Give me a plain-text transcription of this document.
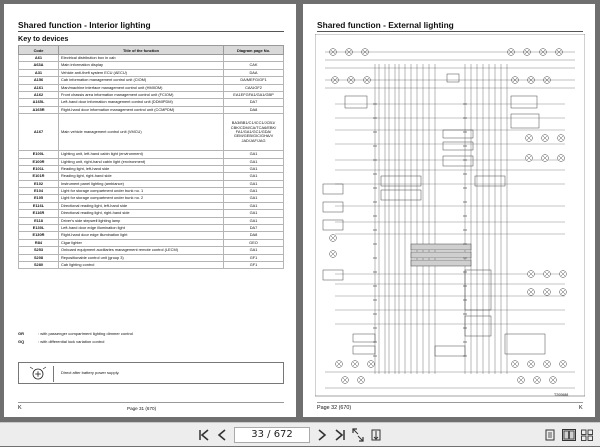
Shared function - Interior lighting
Key to devices
Code	Title of the function	Diagram page No.
A61	Electrical distribution box in cab	
A63A	Main information display	CAK
A31	Vehicle anti-theft system ECU (AECU)	DAA
A156	Cab information management control unit (CIOM)	DA/MEFG/GF1
A161	Man/machine interface management control unit (HMIIOM)	CA/UGF2
A162	Front chassis area information management control unit (FCIOM)	EA1EFGFA1/GA1/GBP
A165L	Left-hand door information management control unit (DDMIPDM)	DA7
A165R	Right-hand door information management control unit (CCMPDM)	DA8
A167	Main vehicle management control unit (VMCU)	BA3/BB1/C1/ICC1/JCB1/ CBK/CDM/CA/TCA6/EBK/ FA1/GA1/GC1/GDA/ GEM/GEB/GIC/GHA/V JAD/JAF/JAG
E100L	Lighting unit, left-hand cabin light (environment)	GA1
E100R	Lighting unit, right-hand cabin light (environment)	GA1
E101L	Reading light, left-hand side	GA1
E101R	Reading light, right-hand side	GA1
E102	Instrument panel lighting (ambiance)	GA1
E104	Light for storage compartment under bunk no. 1	GA1
E105	Light for storage compartment under bunk no. 2	GA1
E116L	Directional reading light, left-hand side	GA1
E116R	Directional reading light, right-hand side	GA1
E118	Driver's side stepwell lighting lamp	GA1
E130L	Left-hand door edge illumination light	DA7
E130R	Right-hand door edge illumination light	DA8
R84	Cigar lighter	GEO
S253	Onboard equipment auxiliaries management remote control (LECM)	GA1
S208	Repositionable control unit (group 3)	GF1
S280	Cab lighting control	GF1
GR	: with passenger compartment lighting dimmer control
GQ	: with differential lock variation control
Direct after battery power supply.
K	Page 31 (670)
Shared function - External lighting
T200688
Page 32 (670)	K
33 / 672
